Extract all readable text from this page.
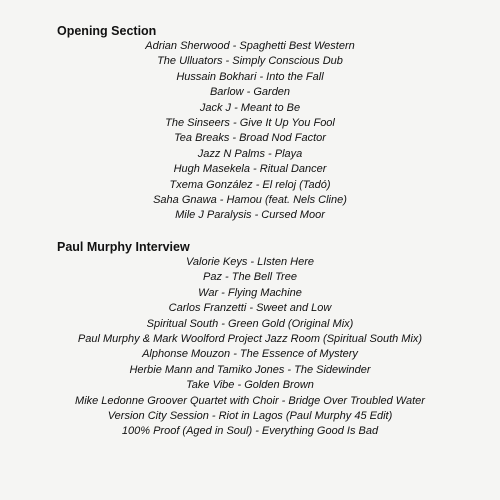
Opening Section
Adrian Sherwood - Spaghetti Best Western
The Ulluators - Simply Conscious Dub
Hussain Bokhari - Into the Fall
Barlow - Garden
Jack J - Meant to Be
The Sinseers - Give It Up You Fool
Tea Breaks - Broad Nod Factor
Jazz N Palms - Playa
Hugh Masekela - Ritual Dancer
Txema González - El reloj (Tadó)
Saha Gnawa - Hamou (feat. Nels Cline)
Mile J Paralysis - Cursed Moor
Paul Murphy Interview
Valorie Keys - LIsten Here
Paz - The Bell Tree
War - Flying Machine
Carlos Franzetti - Sweet and Low
Spiritual South - Green Gold (Original Mix)
Paul Murphy & Mark Woolford Project Jazz Room (Spiritual South Mix)
Alphonse Mouzon - The Essence of Mystery
Herbie Mann and Tamiko Jones - The Sidewinder
Take Vibe - Golden Brown
Mike Ledonne Groover Quartet with Choir - Bridge Over Troubled Water
Version City Session - Riot in Lagos (Paul Murphy 45 Edit)
100% Proof (Aged in Soul) - Everything Good Is Bad
